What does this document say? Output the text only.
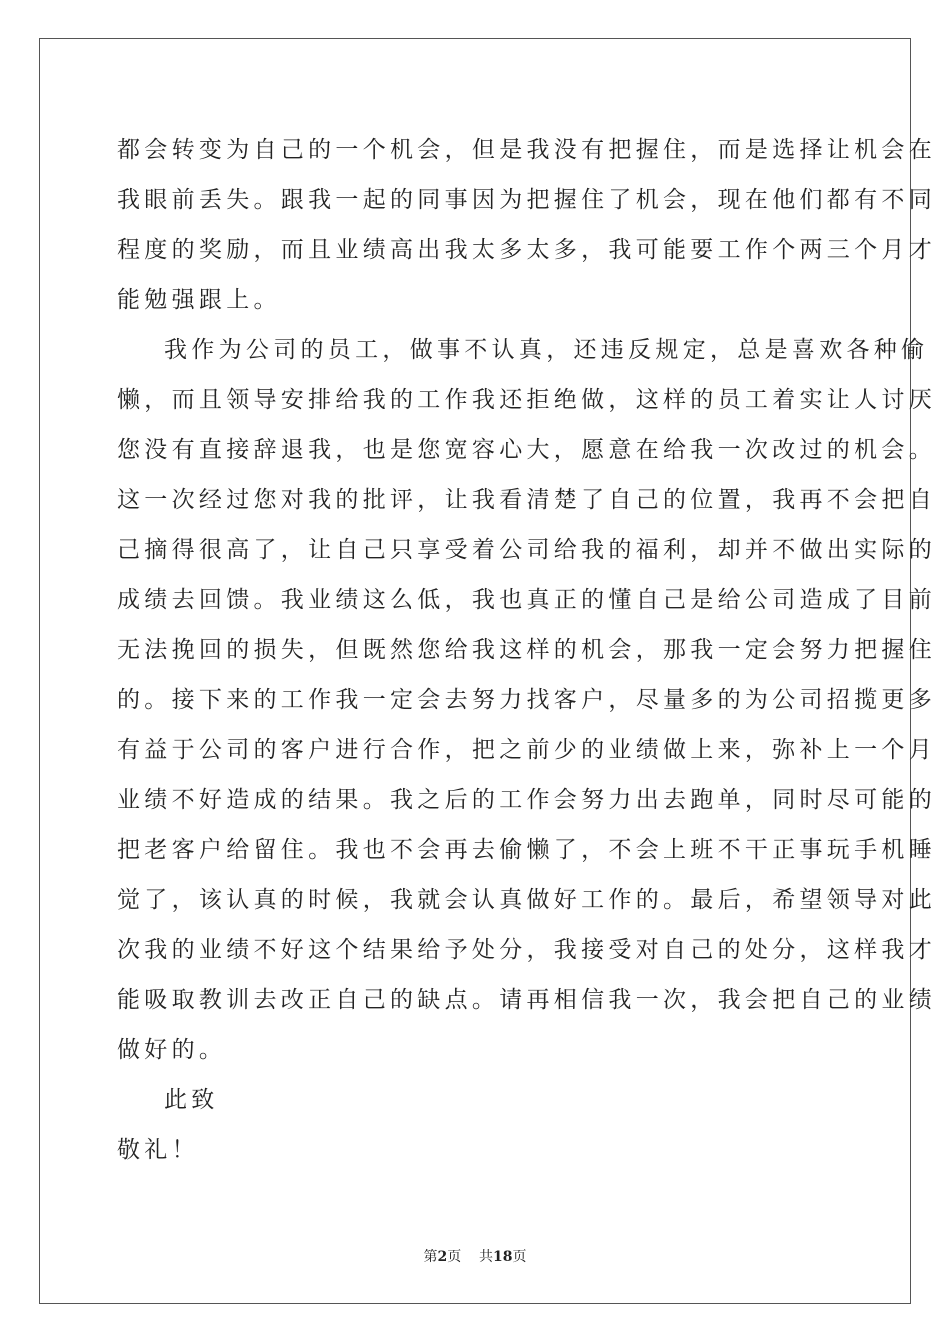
都会转变为自己的一个机会，但是我没有把握住，而是选择让机会在
我眼前丢失。跟我一起的同事因为把握住了机会，现在他们都有不同
程度的奖励，而且业绩高出我太多太多，我可能要工作个两三个月才
能勉强跟上。
我作为公司的员工，做事不认真，还违反规定，总是喜欢各种偷
懒，而且领导安排给我的工作我还拒绝做，这样的员工着实让人讨厌
您没有直接辞退我，也是您宽容心大，愿意在给我一次改过的机会。
这一次经过您对我的批评，让我看清楚了自己的位置，我再不会把自
己摘得很高了，让自己只享受着公司给我的福利，却并不做出实际的
成绩去回馈。我业绩这么低，我也真正的懂自己是给公司造成了目前
无法挽回的损失，但既然您给我这样的机会，那我一定会努力把握住
的。接下来的工作我一定会去努力找客户，尽量多的为公司招揽更多
有益于公司的客户进行合作，把之前少的业绩做上来，弥补上一个月
业绩不好造成的结果。我之后的工作会努力出去跑单，同时尽可能的
把老客户给留住。我也不会再去偷懒了，不会上班不干正事玩手机睡
觉了，该认真的时候，我就会认真做好工作的。最后，希望领导对此
次我的业绩不好这个结果给予处分，我接受对自己的处分，这样我才
能吸取教训去改正自己的缺点。请再相信我一次，我会把自己的业绩
做好的。
此致
敬礼！
第2页 共18页
